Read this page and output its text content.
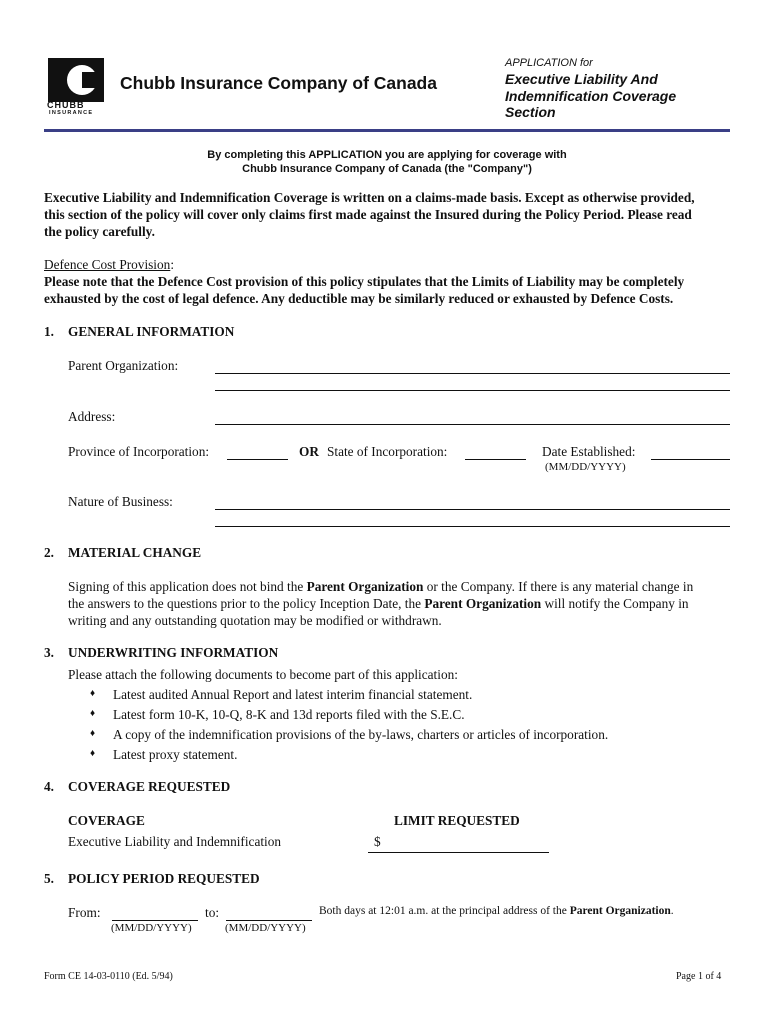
CHUBB
INSURANCE
Chubb Insurance Company of Canada
APPLICATION for
Executive Liability And
Indemnification Coverage
Section
By completing this APPLICATION you are applying for coverage with
Chubb Insurance Company of Canada (the "Company")
Executive Liability and Indemnification Coverage is written on a claims-made basis. Except as otherwise provided,
this section of the policy will cover only claims first made against the Insured during the Policy Period. Please read
the policy carefully.
Defence Cost Provision:
Please note that the Defence Cost provision of this policy stipulates that the Limits of Liability may be completely
exhausted by the cost of legal defence. Any deductible may be similarly reduced or exhausted by Defence Costs.
1. GENERAL INFORMATION
Parent Organization:
Address:
Province of Incorporation:	OR State of Incorporation:	Date Established:
(MM/DD/YYYY)
Nature of Business:
2. MATERIAL CHANGE
Signing of this application does not bind the Parent Organization or the Company. If there is any material change in
the answers to the questions prior to the policy Inception Date, the Parent Organization will notify the Company in
writing and any outstanding quotation may be modified or withdrawn.
3. UNDERWRITING INFORMATION
Please attach the following documents to become part of this application:
♦ Latest audited Annual Report and latest interim financial statement.
♦ Latest form 10-K, 10-Q, 8-K and 13d reports filed with the S.E.C.
♦ A copy of the indemnification provisions of the by-laws, charters or articles of incorporation.
♦ Latest proxy statement.
4. COVERAGE REQUESTED
COVERAGE	LIMIT REQUESTED
Executive Liability and Indemnification	$
5. POLICY PERIOD REQUESTED
From:
(MM/DD/YYYY)
to:
(MM/DD/YYYY)
Both days at 12:01 a.m. at the principal address of the Parent Organization.
Form CE 14-03-0110 (Ed. 5/94)	Page 1 of 4
